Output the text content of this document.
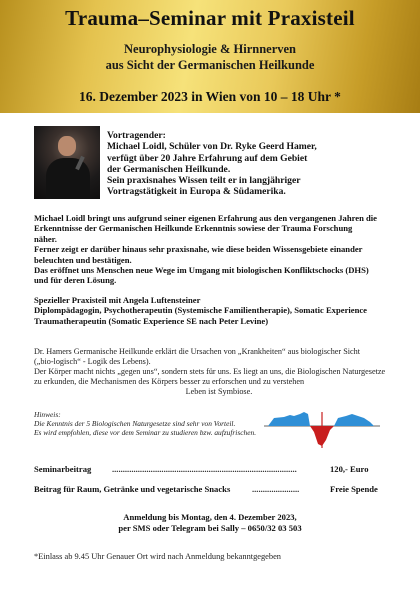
Trauma–Seminar mit Praxisteil
Neurophysiologie & Hirnnerven
aus Sicht der Germanischen Heilkunde
16. Dezember 2023 in Wien von 10 – 18 Uhr *
Vortragender:
Michael Loidl, Schüler von Dr. Ryke Geerd Hamer,
verfügt über 20 Jahre Erfahrung auf dem Gebiet
der Germanischen Heilkunde.
Sein praxisnahes Wissen teilt er in langjähriger
Vortragstätigkeit in Europa & Südamerika.
Michael Loidl bringt uns aufgrund seiner eigenen Erfahrung aus den vergangenen Jahren die
Erkenntnisse der Germanischen Heilkunde Erkenntnis sowiese der Trauma Forschung
näher.
Ferner zeigt er darüber hinaus sehr praxisnahe, wie diese beiden Wissensgebiete einander
beleuchten und bestätigen.
Das eröffnet uns Menschen neue Wege im Umgang mit biologischen Konfliktschocks (DHS)
und für deren Lösung.
Spezieller Praxisteil mit Angela Luftensteiner
Diplompädagogin, Psychotherapeutin (Systemische Familientherapie), Somatic Experience
Traumatherapeutin (Somatic Experience SE nach Peter Levine)
Dr. Hamers Germanische Heilkunde erklärt die Ursachen von „Krankheiten“ aus biologischer Sicht
(„bio-logisch“ - Logik des Lebens).
Der Körper macht nichts „gegen uns“, sondern stets für uns. Es liegt an uns, die Biologischen Naturgesetze
zu erkunden, die Mechanismen des Körpers besser zu erforschen und zu verstehen
Leben ist Symbiose.
Hinweis:
Die Kenntnis der 5 Biologischen Naturgesetze sind sehr von Vorteil.
Es wird empfohlen, diese vor dem Seminar zu studieren bzw. aufzufrischen.
Seminarbeitrag ......................................................................................	120,- Euro
Beitrag für Raum, Getränke und vegetarische Snacks	......................	Freie Spende
Anmeldung bis Montag, den 4. Dezember 2023,
per SMS oder Telegram bei Sally – 0650/32 03 503
*Einlass ab 9.45 Uhr Genauer Ort wird nach Anmeldung bekanntgegeben
